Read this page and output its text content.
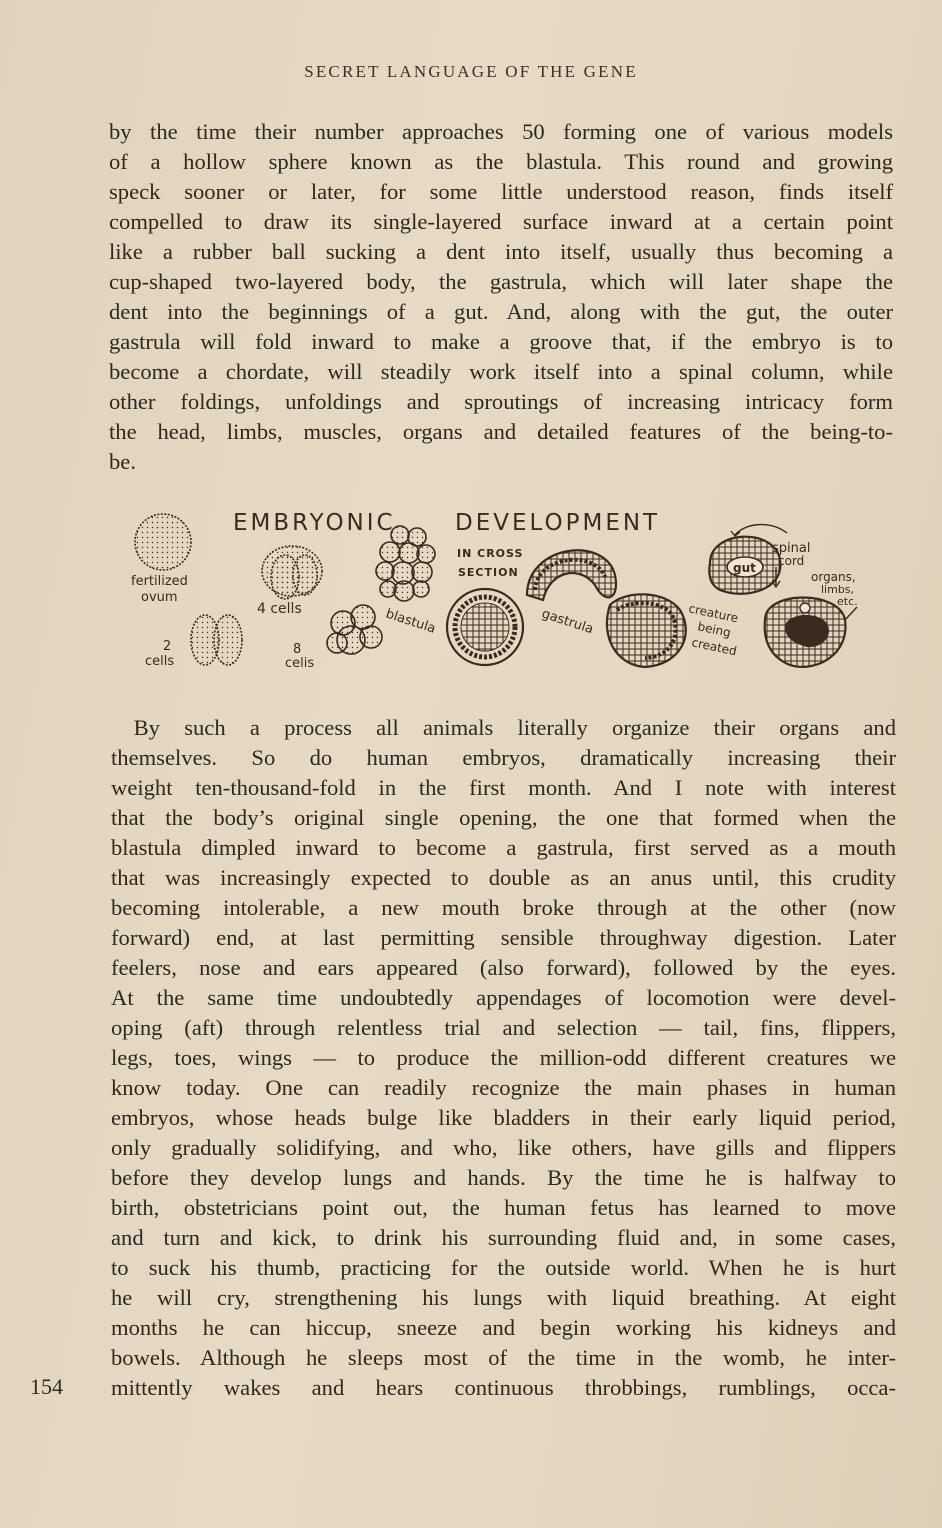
SECRET LANGUAGE OF THE GENE
by the time their number approaches 50 forming one of various models
of a hollow sphere known as the blastula. This round and growing
speck sooner or later, for some little understood reason, finds itself
compelled to draw its single-layered surface inward at a certain point
like a rubber ball sucking a dent into itself, usually thus becoming a
cup-shaped two-layered body, the gastrula, which will later shape the
dent into the beginnings of a gut. And, along with the gut, the outer
gastrula will fold inward to make a groove that, if the embryo is to
become a chordate, will steadily work itself into a spinal column, while
other foldings, unfoldings and sproutings of increasing intricacy form
the head, limbs, muscles, organs and detailed features of the being-to-
be.
EMBRYONIC	DEVELOPMENT
fertilized
ovum
2
cells
4 cells
8
celis
blastula
IN CROSS
SECTION
gastrula
gut
spinal
cord
organs,
limbs,
etc.
creature
being
created
 By such a process all animals literally organize their organs and
themselves. So do human embryos, dramatically increasing their
weight ten-thousand-fold in the first month. And I note with interest
that the body’s original single opening, the one that formed when the
blastula dimpled inward to become a gastrula, first served as a mouth
that was increasingly expected to double as an anus until, this crudity
becoming intolerable, a new mouth broke through at the other (now
forward) end, at last permitting sensible throughway digestion. Later
feelers, nose and ears appeared (also forward), followed by the eyes.
At the same time undoubtedly appendages of locomotion were devel-
oping (aft) through relentless trial and selection — tail, fins, flippers,
legs, toes, wings — to produce the million-odd different creatures we
know today. One can readily recognize the main phases in human
embryos, whose heads bulge like bladders in their early liquid period,
only gradually solidifying, and who, like others, have gills and flippers
before they develop lungs and hands. By the time he is halfway to
birth, obstetricians point out, the human fetus has learned to move
and turn and kick, to drink his surrounding fluid and, in some cases,
to suck his thumb, practicing for the outside world. When he is hurt
he will cry, strengthening his lungs with liquid breathing. At eight
months he can hiccup, sneeze and begin working his kidneys and
bowels. Although he sleeps most of the time in the womb, he inter-
mittently wakes and hears continuous throbbings, rumblings, occa-
154
